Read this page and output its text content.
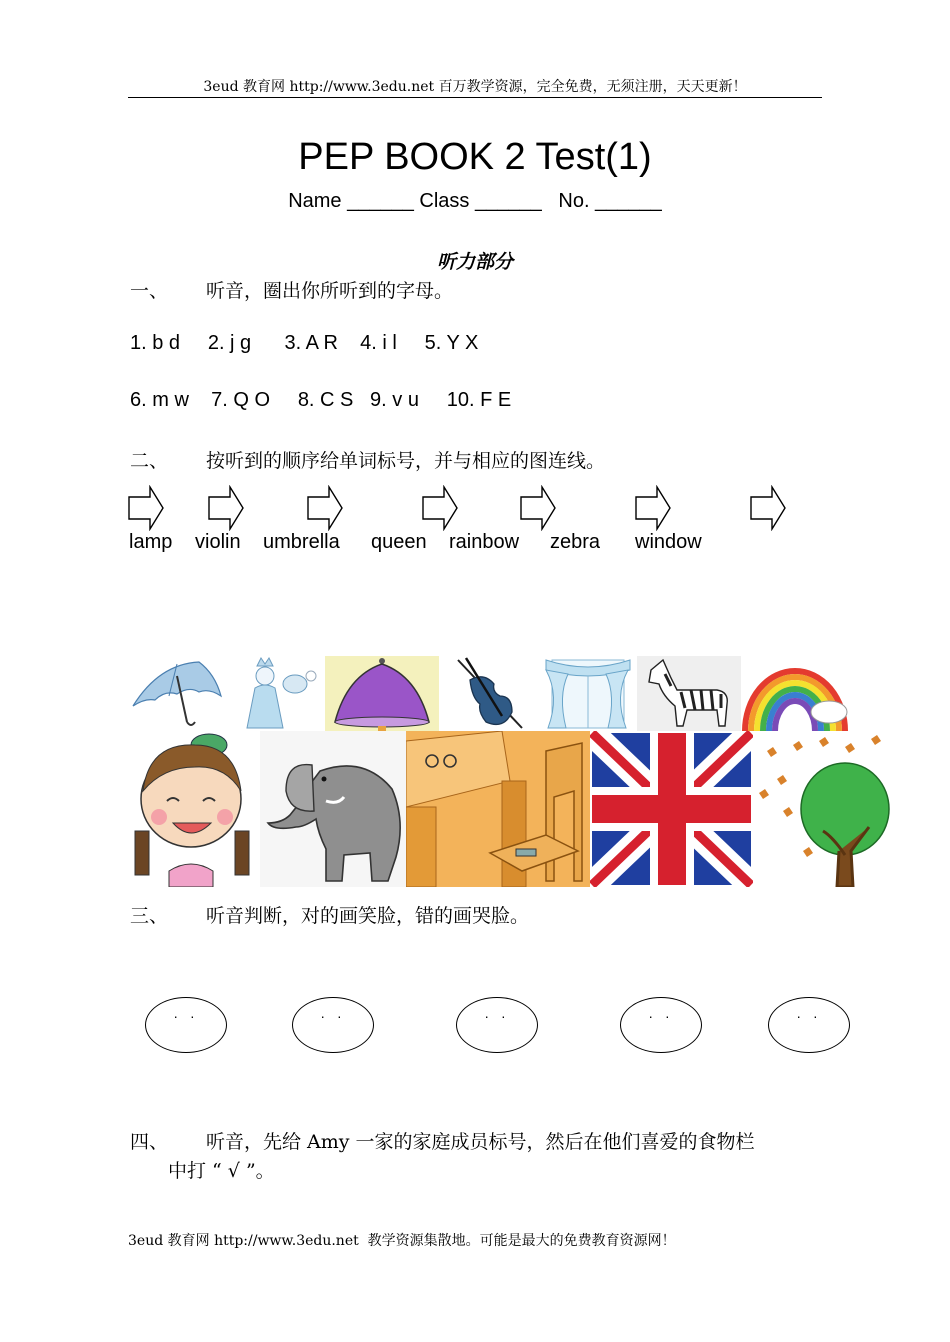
3eud 教育网 http://www.3edu.net 百万教学资源，完全免费，无须注册，天天更新！
PEP BOOK 2 Test(1)
Name ______ Class ______   No. ______
听力部分
一、 听音，圈出你所听到的字母。
1. b d     2. j g      3. A R    4. i l     5. Y X
6. m w    7. Q O     8. C S   9. v u     10. F E
二、 按听到的顺序给单词标号，并与相应的图连线。
lamp violin umbrella queen rainbow zebra window
三、 听音判断，对的画笑脸，错的画哭脸。
· ·	· ·	· ·	· ·	· ·
四、 听音，先给 Amy 一家的家庭成员标号，然后在他们喜爱的食物栏
中打 “ √ ”。
3eud 教育网 http://www.3edu.net  教学资源集散地。可能是最大的免费教育资源网！
